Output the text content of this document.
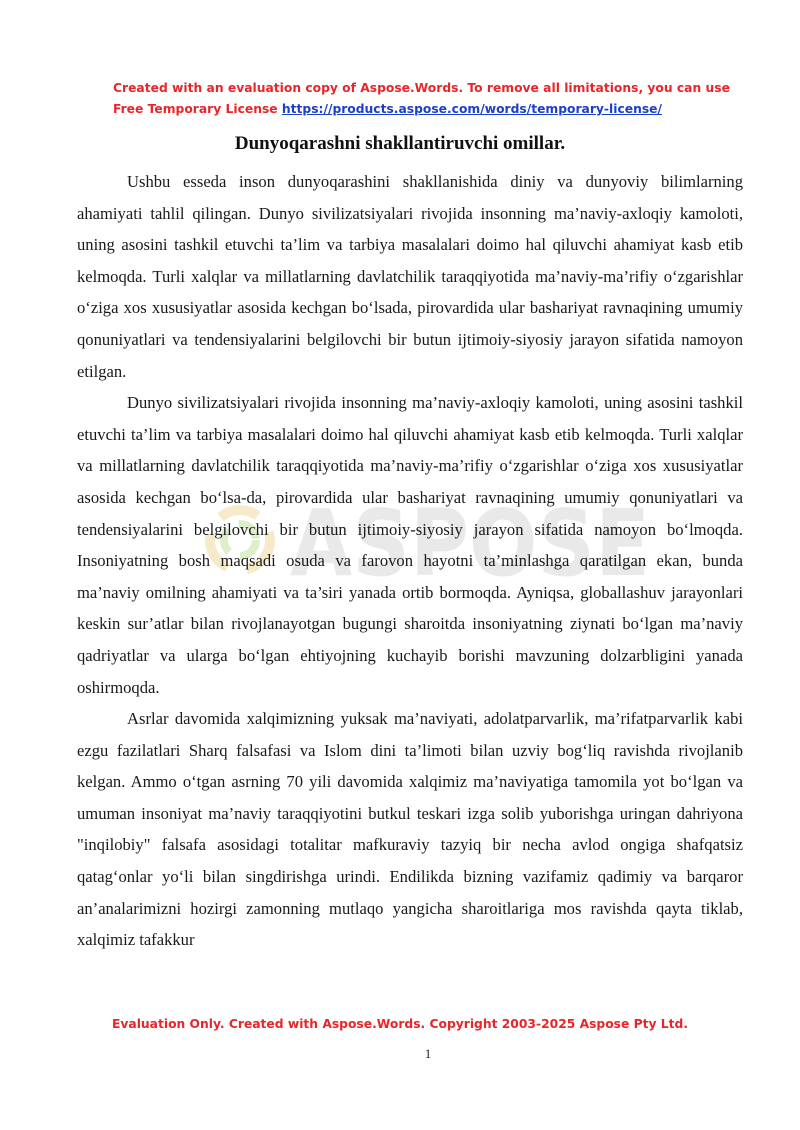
Created with an evaluation copy of Aspose.Words. To remove all limitations, you can use
Free Temporary License https://products.aspose.com/words/temporary-license/
ASPOSE
Dunyoqarashni shakllantiruvchi omillar.

Ushbu esseda inson dunyoqarashini shakllanishida diniy va dunyoviy bilimlarning ahamiyati tahlil qilingan. Dunyo sivilizatsiyalari rivojida insonning ma’naviy-axloqiy kamoloti, uning asosini tashkil etuvchi ta’lim va tarbiya masalalari doimo hal qiluvchi ahamiyat kasb etib kelmoqda. Turli xalqlar va millatlarning davlatchilik taraqqiyotida ma’naviy-ma’rifiy o‘zgarishlar o‘ziga xos xususiyatlar asosida kechgan bo‘lsada, pirovardida ular bashariyat ravnaqining umumiy qonuniyatlari va tendensiyalarini belgilovchi bir butun ijtimoiy-siyosiy jarayon sifatida namoyon etilgan.

Dunyo sivilizatsiyalari rivojida insonning ma’naviy-axloqiy kamoloti, uning asosini tashkil etuvchi ta’lim va tarbiya masalalari doimo hal qiluvchi ahamiyat kasb etib kelmoqda. Turli xalqlar va millatlarning davlatchilik taraqqiyotida ma’naviy-ma’rifiy o‘zgarishlar o‘ziga xos xususiyatlar asosida kechgan bo‘lsa-da, pirovardida ular bashariyat ravnaqining umumiy qonuniyatlari va tendensiyalarini belgilovchi bir butun ijtimoiy-siyosiy jarayon sifatida namoyon bo‘lmoqda. Insoniyatning bosh maqsadi osuda va farovon hayotni ta’minlashga qaratilgan ekan, bunda ma’naviy omilning ahamiyati va ta’siri yanada ortib bormoqda. Ayniqsa, globallashuv jarayonlari keskin sur’atlar bilan rivojlanayotgan bugungi sharoitda insoniyatning ziynati bo‘lgan ma’naviy qadriyatlar va ularga bo‘lgan ehtiyojning kuchayib borishi mavzuning dolzarbligini yanada oshirmoqda.

Asrlar davomida xalqimizning yuksak ma’naviyati, adolatparvarlik, ma’rifatparvarlik kabi ezgu fazilatlari Sharq falsafasi va Islom dini ta’limoti bilan uzviy bog‘liq ravishda rivojlanib kelgan. Ammo o‘tgan asrning 70 yili davomida xalqimiz ma’naviyatiga tamomila yot bo‘lgan va umuman insoniyat ma’naviy taraqqiyotini butkul teskari izga solib yuborishga uringan dahriyona "inqilobiy" falsafa asosidagi totalitar mafkuraviy tazyiq bir necha avlod ongiga shafqatsiz qatag‘onlar yo‘li bilan singdirishga urindi. Endilikda bizning vazifamiz qadimiy va barqaror an’analarimizni hozirgi zamonning mutlaqo yangicha sharoitlariga mos ravishda qayta tiklab, xalqimiz tafakkur

Evaluation Only. Created with Aspose.Words. Copyright 2003-2025 Aspose Pty Ltd.
1
